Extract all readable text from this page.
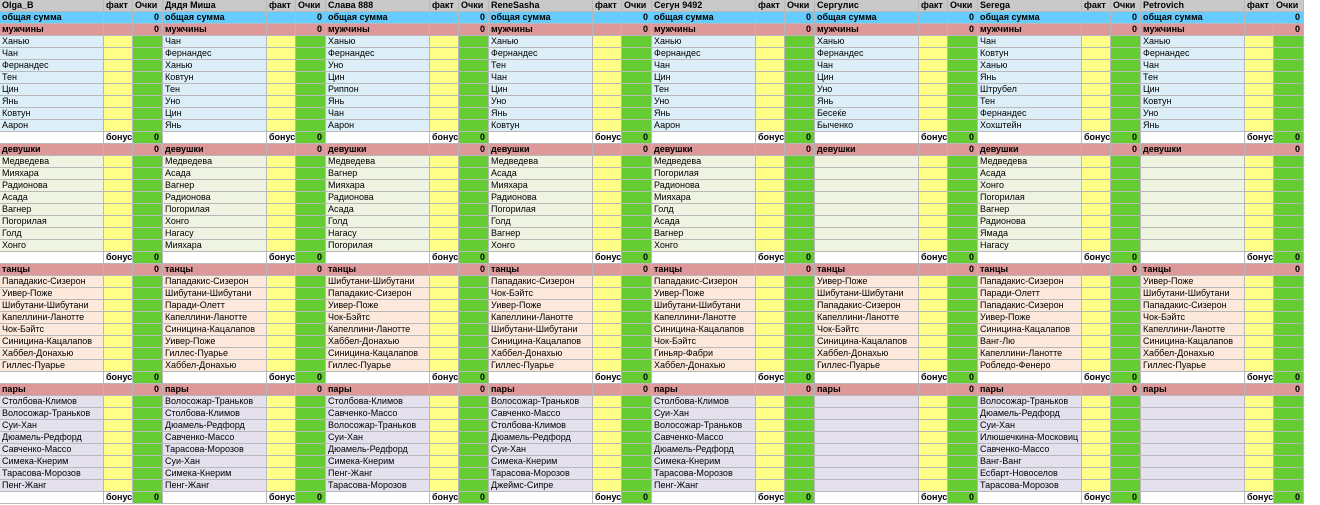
Olga_B	факт Очки
общая сумма	0
мужчины	0
Ханью
Чан
Фернандес
Тен
Цин
Янь
Ковтун
Аарон
бонус	0
девушки	0
Медведева
Мияхара
Радионова
Асада
Вагнер
Погорилая
Голд
Хонго
бонус	0
танцы	0
Пападакис-Сизерон
Уивер-Поже
Шибутани-Шибутани
Капеллини-Ланотте
Чок-Бэйтс
Синицина-Кацалапов
Хаббел-Донахью
Гиллес-Пуарье
бонус	0
пары	0
Столбова-Климов
Волосожар-Траньков
Суи-Хан
Дюамель-Редфорд
Савченко-Массо
Симека-Кнерим
Тарасова-Морозов
Пенг-Жанг
бонус	0
Дядя Миша	факт Очки
общая сумма	0
мужчины	0
Чан
Фернандес
Ханью
Ковтун
Тен
Уно
Цин
Янь
бонус	0
девушки	0
Медведева
Асада
Вагнер
Радионова
Погорилая
Хонго
Нагасу
Мияхара
бонус	0
танцы	0
Пападакис-Сизерон
Шибутани-Шибутани
Паради-Олетт
Капеллини-Ланотте
Синицина-Кацалапов
Уивер-Поже
Гиллес-Пуарье
Хаббел-Донахью
бонус	0
пары	0
Волосожар-Траньков
Столбова-Климов
Дюамель-Редфорд
Савченко-Массо
Тарасова-Морозов
Суи-Хан
Симека-Кнерим
Пенг-Жанг
бонус	0
Слава 888	факт Очки
общая сумма	0
мужчины	0
Ханью
Фернандес
Уно
Цин
Риппон
Янь
Чан
Аарон
бонус	0
девушки	0
Медведева
Вагнер
Мияхара
Радионова
Асада
Голд
Нагасу
Погорилая
бонус	0
танцы	0
Шибутани-Шибутани
Пападакис-Сизерон
Уивер-Поже
Чок-Бэйтс
Капеллини-Ланотте
Хаббел-Донахью
Синицина-Кацалапов
Гиллес-Пуарье
бонус	0
пары	0
Столбова-Климов
Савченко-Массо
Волосожар-Траньков
Суи-Хан
Дюамель-Редфорд
Симека-Кнерим
Пенг-Жанг
Тарасова-Морозов
бонус	0
ReneSasha	факт Очки
общая сумма	0
мужчины	0
Ханью
Фернандес
Тен
Чан
Цин
Уно
Янь
Ковтун
бонус	0
девушки	0
Медведева
Асада
Мияхара
Радионова
Погорилая
Голд
Вагнер
Хонго
бонус	0
танцы	0
Пападакис-Сизерон
Чок-Бэйтс
Уивер-Поже
Капеллини-Ланотте
Шибутани-Шибутани
Синицина-Кацалапов
Хаббел-Донахью
Гиллес-Пуарье
бонус	0
пары	0
Волосожар-Траньков
Савченко-Массо
Столбова-Климов
Дюамель-Редфорд
Суи-Хан
Симека-Кнерим
Тарасова-Морозов
Джеймс-Сипре
бонус	0
Сегун 9492	факт Очки
общая сумма	0
мужчины	0
Ханью
Фернандес
Чан
Цин
Тен
Уно
Янь
Аарон
бонус	0
девушки	0
Медведева
Погорилая
Радионова
Мияхара
Голд
Асада
Вагнер
Хонго
бонус	0
танцы	0
Пападакис-Сизерон
Уивер-Поже
Шибутани-Шибутани
Капеллини-Ланотте
Синицина-Кацалапов
Чок-Бэйтс
Гиньяр-Фабри
Хаббел-Донахью
бонус	0
пары	0
Столбова-Климов
Суи-Хан
Волосожар-Траньков
Савченко-Массо
Дюамель-Редфорд
Симека-Кнерим
Тарасова-Морозов
Пенг-Жанг
бонус	0
Сергулис	факт Очки
общая сумма	0
мужчины	0
Ханью
Фернандес
Чан
Цин
Уно
Янь
Бесеќе
Быченко
бонус	0
девушки	0
бонус	0
танцы	0
Уивер-Поже
Шибутани-Шибутани
Пападакис-Сизерон
Капеллини-Ланотте
Чок-Бэйтс
Синицина-Кацалапов
Хаббел-Донахью
Гиллес-Пуарье
бонус	0
пары	0
бонус	0
Serega	факт Очки
общая сумма	0
мужчины	0
Чан
Ковтун
Ханью
Янь
Штрубел
Тен
Фернандес
Хохштейн
бонус	0
девушки	0
Медведева
Асада
Хонго
Погорилая
Вагнер
Радионова
Ямада
Нагасу
бонус	0
танцы	0
Пападакис-Сизерон
Паради-Олетт
Пападакис-Сизерон
Уивер-Поже
Синицина-Кацалапов
Ванг-Лю
Капеллини-Ланотте
Робледо-Фенеро
бонус	0
пары	0
Волосожар-Траньков
Дюамель-Редфорд
Суи-Хан
Илюшечкина-Московиц
Савченко-Массо
Ванг-Ванг
Есбарт-Новоселов
Тарасова-Морозов
бонус	0
Petrovich	факт Очки
общая сумма	0
мужчины	0
Ханью
Фернандес
Чан
Тен
Цин
Ковтун
Уно
Янь
бонус	0
девушки	0
бонус	0
танцы	0
Уивер-Поже
Шибутани-Шибутани
Пападакис-Сизерон
Чок-Бэйтс
Капеллини-Ланотте
Синицина-Кацалапов
Хаббел-Донахью
Гиллес-Пуарье
бонус	0
пары	0
бонус	0
